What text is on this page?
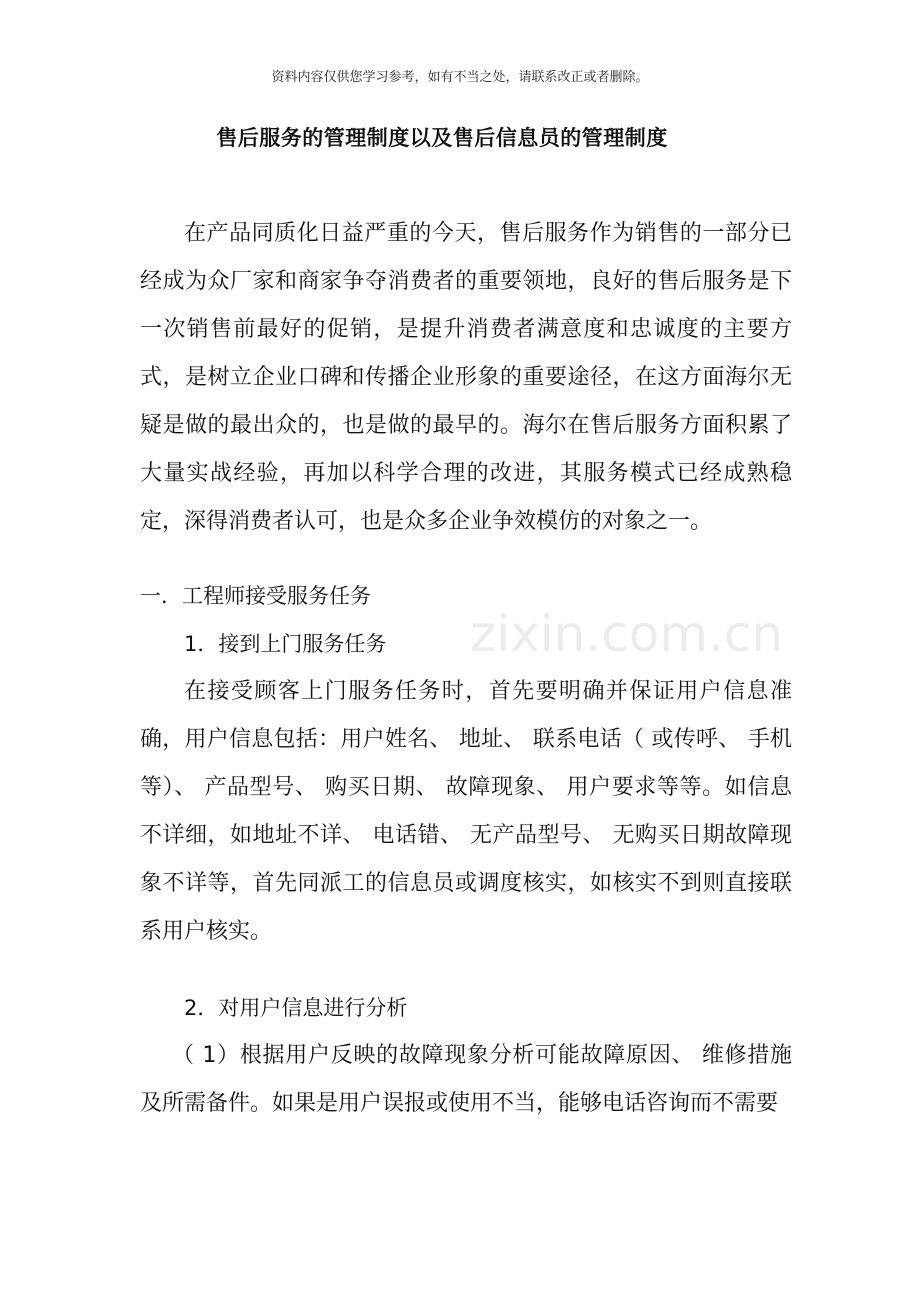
资料内容仅供您学习参考，如有不当之处，请联系改正或者删除。
售后服务的管理制度以及售后信息员的管理制度

在产品同质化日益严重的今天，售后服务作为销售的一部分已经成为众厂家和商家争夺消费者的重要领地，良好的售后服务是下一次销售前最好的促销，是提升消费者满意度和忠诚度的主要方式，是树立企业口碑和传播企业形象的重要途径，在这方面海尔无疑是做的最出众的，也是做的最早的。海尔在售后服务方面积累了大量实战经验，再加以科学合理的改进，其服务模式已经成熟稳定，深得消费者认可，也是众多企业争效模仿的对象之一。

一．工程师接受服务任务

1．接到上门服务任务

在接受顾客上门服务任务时，首先要明确并保证用户信息准确，用户信息包括：用户姓名、 地址、 联系电话（ 或传呼、 手机等）、 产品型号、 购买日期、 故障现象、 用户要求等等。如信息不详细，如地址不详、 电话错、 无产品型号、 无购买日期故障现象不详等，首先同派工的信息员或调度核实，如核实不到则直接联系用户核实。

2．对用户信息进行分析

（ 1）根据用户反映的故障现象分析可能故障原因、 维修措施及所需备件。如果是用户误报或使用不当，能够电话咨询而不需要

zixin.com.cn
